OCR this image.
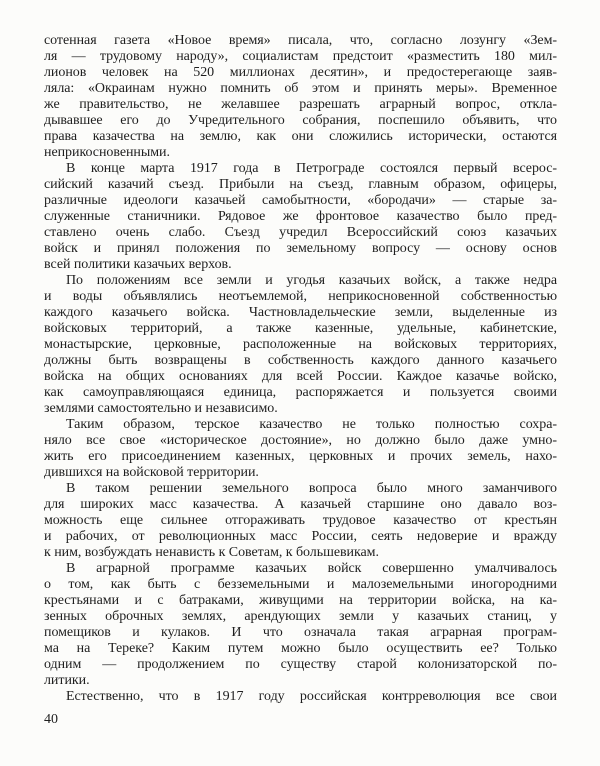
сотенная газета «Новое время» писала, что, согласно лозунгу «Зем-
ля — трудовому народу», социалистам предстоит «разместить 180 мил-
лионов человек на 520 миллионах десятин», и предостерегающе заяв-
ляла: «Окраинам нужно помнить об этом и принять меры». Временное
же правительство, не желавшее разрешать аграрный вопрос, откла-
дывавшее его до Учредительного собрания, поспешило объявить, что
права казачества на землю, как они сложились исторически, остаются
неприкосновенными.
В конце марта 1917 года в Петрограде состоялся первый всерос-
сийский казачий съезд. Прибыли на съезд, главным образом, офицеры,
различные идеологи казачьей самобытности, «бородачи» — старые за-
служенные станичники. Рядовое же фронтовое казачество было пред-
ставлено очень слабо. Съезд учредил Всероссийский союз казачьих
войск и принял положения по земельному вопросу — основу основ
всей политики казачьих верхов.
По положениям все земли и угодья казачьих войск, а также недра
и воды объявлялись неотъемлемой, неприкосновенной собственностью
каждого казачьего войска. Частновладельческие земли, выделенные из
войсковых территорий, а также казенные, удельные, кабинетские,
монастырские, церковные, расположенные на войсковых территориях,
должны быть возвращены в собственность каждого данного казачьего
войска на общих основаниях для всей России. Каждое казачье войско,
как самоуправляющаяся единица, распоряжается и пользуется своими
землями самостоятельно и независимо.
Таким образом, терское казачество не только полностью сохра-
няло все свое «историческое достояние», но должно было даже умно-
жить его присоединением казенных, церковных и прочих земель, нахо-
дившихся на войсковой территории.
В таком решении земельного вопроса было много заманчивого
для широких масс казачества. А казачьей старшине оно давало воз-
можность еще сильнее отгораживать трудовое казачество от крестьян
и рабочих, от революционных масс России, сеять недоверие и вражду
к ним, возбуждать ненависть к Советам, к большевикам.
В аграрной программе казачьих войск совершенно умалчивалось
о том, как быть с безземельными и малоземельными иногородними
крестьянами и с батраками, живущими на территории войска, на ка-
зенных оброчных землях, арендующих земли у казачьих станиц, у
помещиков и кулаков. И что означала такая аграрная програм-
ма на Тереке? Каким путем можно было осуществить ее? Только
одним — продолжением по существу старой колонизаторской по-
литики.
Естественно, что в 1917 году российская контрреволюция все свои
40
